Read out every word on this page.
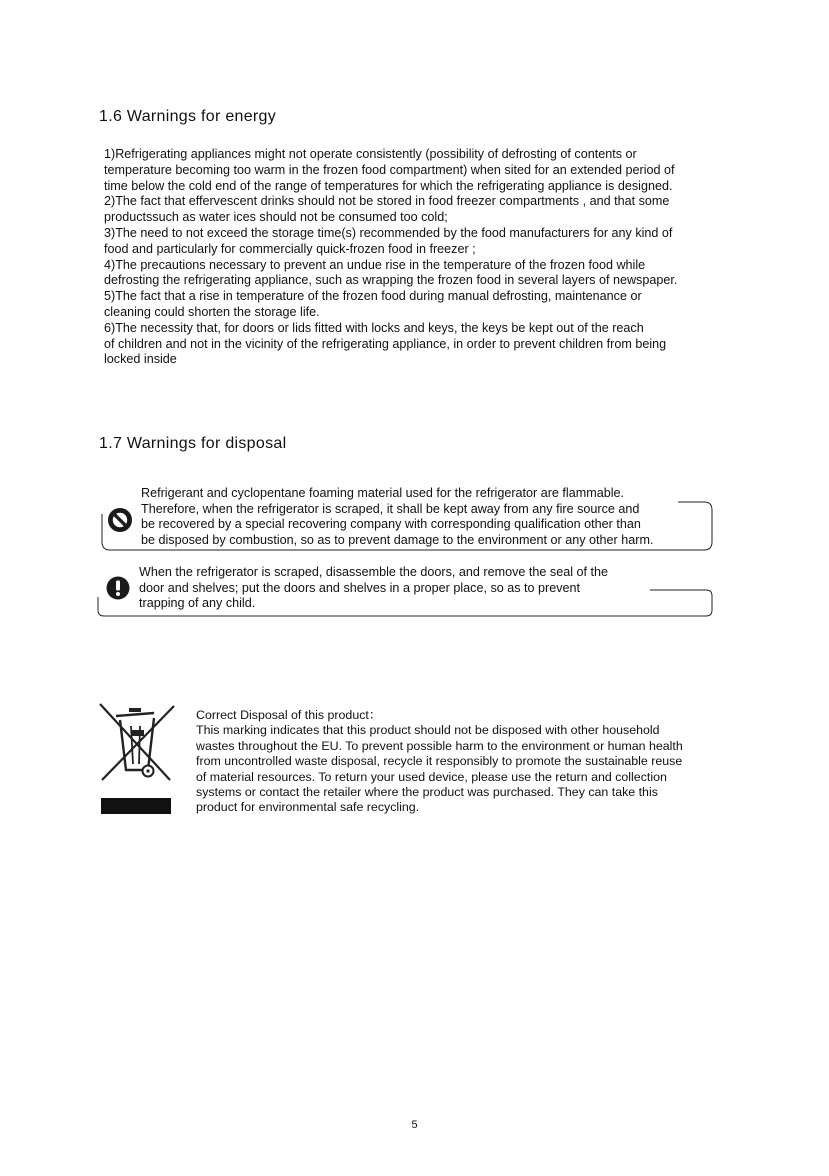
1.6 Warnings for energy
1)Refrigerating appliances might not operate consistently (possibility of defrosting of contents or
temperature becoming too warm in the frozen food compartment) when sited for an extended period of
time below the cold end of the range of temperatures for which the refrigerating appliance is designed.
2)The fact that effervescent drinks should not be stored in food freezer compartments , and that some
productssuch as water ices should not be consumed too cold;
3)The need to not exceed the storage time(s) recommended by the food manufacturers for any kind of
food and particularly for commercially quick-frozen food in freezer ;
4)The precautions necessary to prevent an undue rise in the temperature of the frozen food while
defrosting the refrigerating appliance, such as wrapping the frozen food in several layers of newspaper.
5)The fact that a rise in temperature of the frozen food during manual defrosting, maintenance or
cleaning could shorten the storage life.
6)The necessity that, for doors or lids fitted with locks and keys, the keys be kept out of the reach
of children and not in the vicinity of the refrigerating appliance, in order to prevent children from being
locked inside
1.7 Warnings for disposal
Refrigerant and cyclopentane foaming material used for the refrigerator are flammable.
Therefore, when the refrigerator is scraped, it shall be kept away from any fire source and
be recovered by a special recovering company with corresponding qualification other than
be disposed by combustion, so as to prevent damage to the environment or any other harm.
When the refrigerator is scraped, disassemble the doors, and remove the seal of the
door and shelves; put the doors and shelves in a proper place, so as to prevent
trapping of any child.
Correct Disposal of this product：
This marking indicates that this product should not be disposed with other household
wastes throughout the EU. To prevent possible harm to the environment or human health
from uncontrolled waste disposal, recycle it responsibly to promote the sustainable reuse
of material resources. To return your used device, please use the return and collection
systems or contact the retailer where the product was purchased. They can take this
product for environmental safe recycling.
5
